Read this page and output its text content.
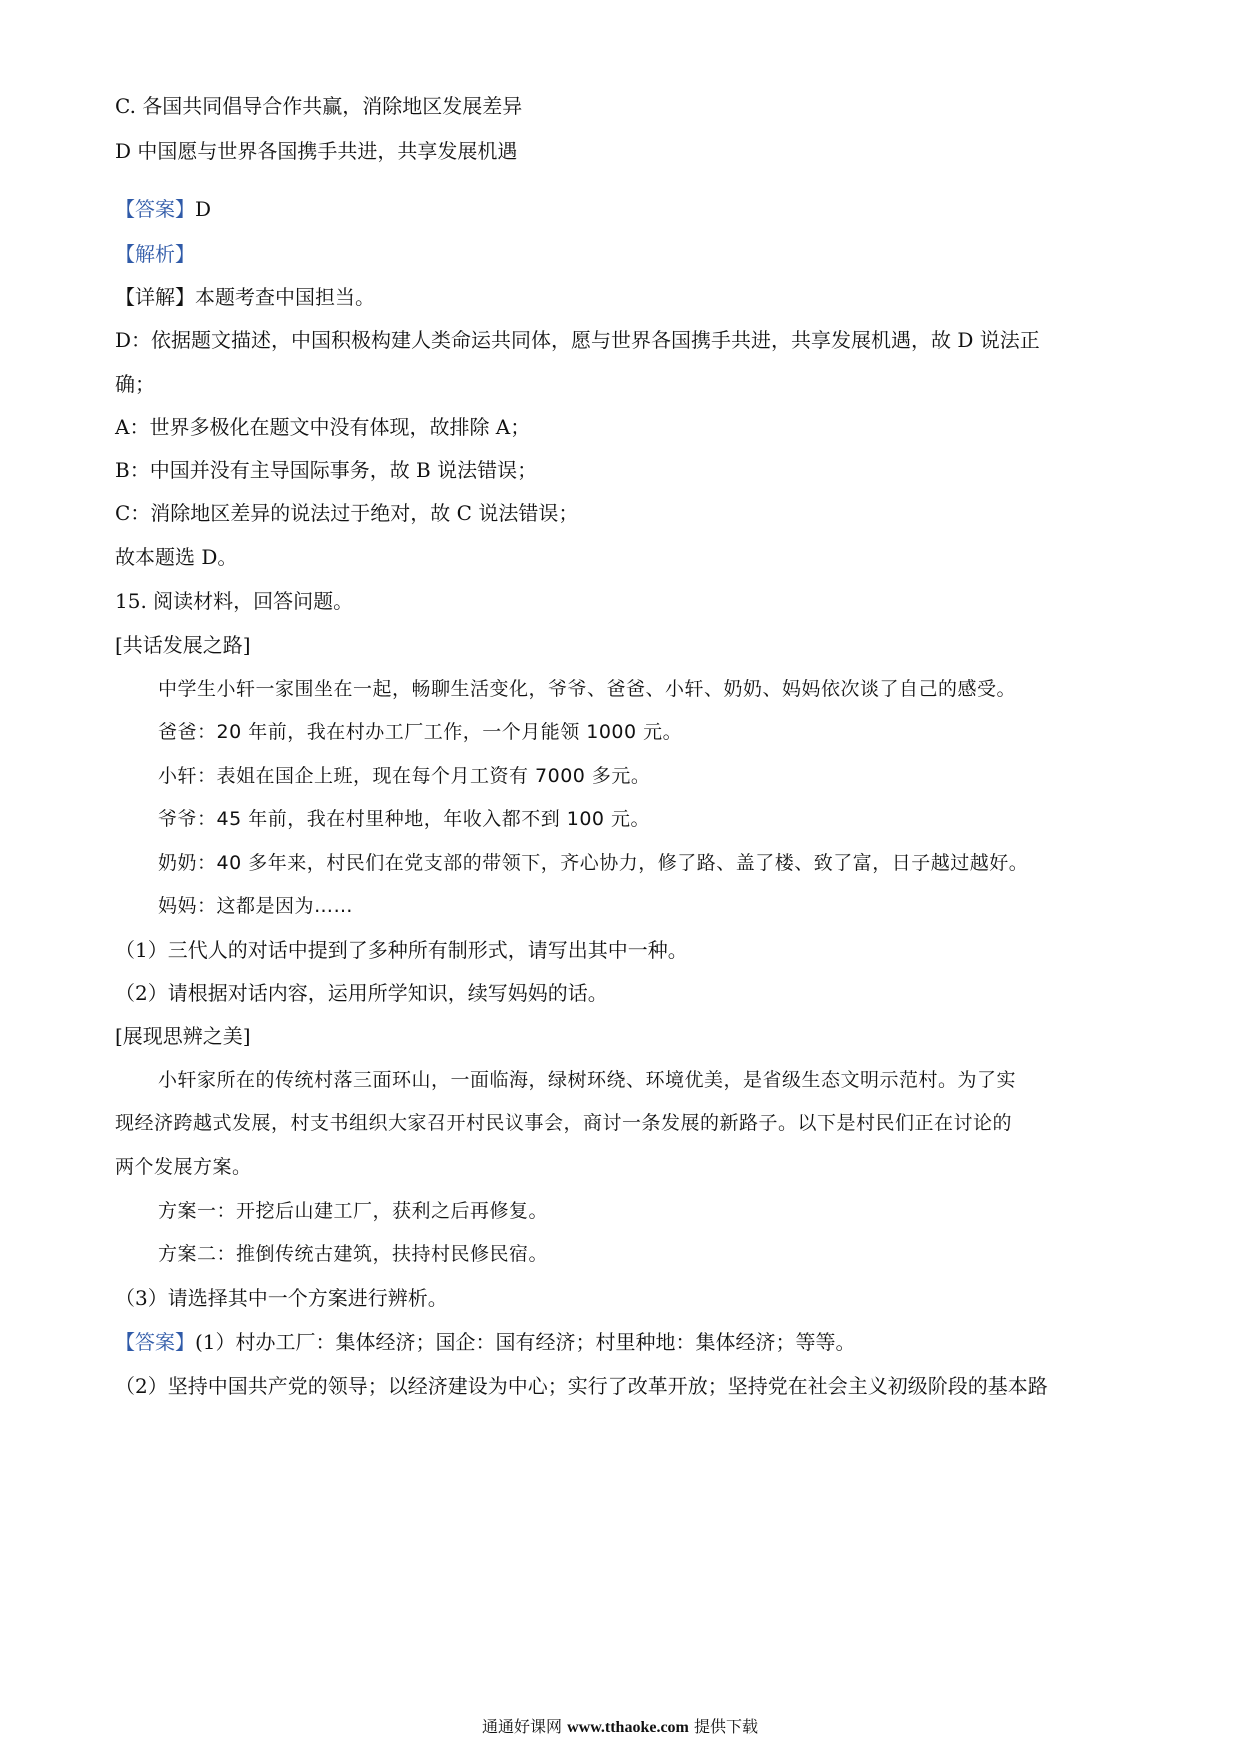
C. 各国共同倡导合作共赢，消除地区发展差异
D 中国愿与世界各国携手共进，共享发展机遇
【答案】D
【解析】
【详解】本题考查中国担当。
D：依据题文描述，中国积极构建人类命运共同体，愿与世界各国携手共进，共享发展机遇，故 D 说法正
确；
A：世界多极化在题文中没有体现，故排除 A；
B：中国并没有主导国际事务，故 B 说法错误；
C：消除地区差异的说法过于绝对，故 C 说法错误；
故本题选 D。
15. 阅读材料，回答问题。
[共话发展之路]
中学生小轩一家围坐在一起，畅聊生活变化，爷爷、爸爸、小轩、奶奶、妈妈依次谈了自己的感受。
爸爸：20 年前，我在村办工厂工作，一个月能领 1000 元。
小轩：表姐在国企上班，现在每个月工资有 7000 多元。
爷爷：45 年前，我在村里种地，年收入都不到 100 元。
奶奶：40 多年来，村民们在党支部的带领下，齐心协力，修了路、盖了楼、致了富，日子越过越好。
妈妈：这都是因为……
（1）三代人的对话中提到了多种所有制形式，请写出其中一种。
（2）请根据对话内容，运用所学知识，续写妈妈的话。
[展现思辨之美]
小轩家所在的传统村落三面环山，一面临海，绿树环绕、环境优美，是省级生态文明示范村。为了实
现经济跨越式发展，村支书组织大家召开村民议事会，商讨一条发展的新路子。以下是村民们正在讨论的
两个发展方案。
方案一：开挖后山建工厂，获利之后再修复。
方案二：推倒传统古建筑，扶持村民修民宿。
（3）请选择其中一个方案进行辨析。
【答案】(1）村办工厂：集体经济；国企：国有经济；村里种地：集体经济；等等。
（2）坚持中国共产党的领导；以经济建设为中心；实行了改革开放；坚持党在社会主义初级阶段的基本路
通通好课网 www.tthaoke.com 提供下载
